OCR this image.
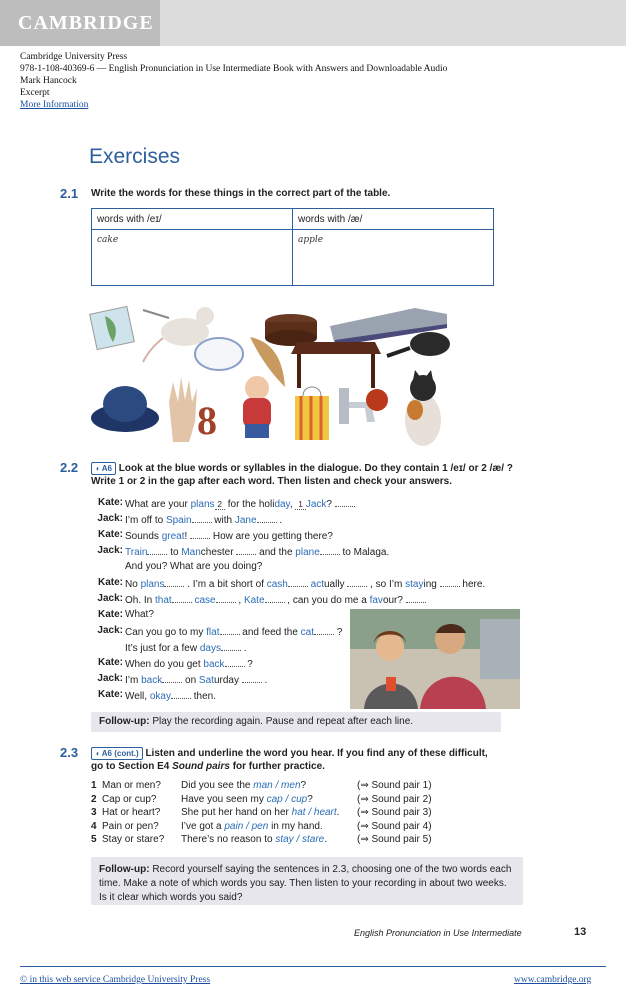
CAMBRIDGE
Cambridge University Press
978-1-108-40369-6 — English Pronunciation in Use Intermediate Book with Answers and Downloadable Audio
Mark Hancock
Excerpt
More Information
Exercises
2.1 Write the words for these things in the correct part of the table.
words with /eɪ/	words with /æ/
cake	apple
8
2.2	◖ A6 Look at the blue words or syllables in the dialogue. Do they contain 1 /eɪ/ or 2 /æ/ ?
Write 1 or 2 in the gap after each word. Then listen and check your answers.
Kate: What are your plans 2 for the holiday, 1 Jack?
Jack: I’m off to Spain with Jane .
Kate: Sounds great!  How are you getting there?
Jack: Train to Manchester  and the plane to Malaga.
And you? What are you doing?
Kate: No plans . I’m a bit short of cash actually  , so I’m staying  here.
Jack: Oh. In that case , Kate , can you do me a favour?
Kate: What?
Jack: Can you go to my flat and feed the cat ?
It’s just for a few days .
Kate: When do you get back ?
Jack: I’m back on Saturday  .
Kate: Well, okay then.
Follow-up: Play the recording again. Pause and repeat after each line.
2.3	◖ A6 (cont.) Listen and underline the word you hear. If you find any of these difficult,
go to Section E4 Sound pairs for further practice.
1 Man or men? Did you see the man / men?	(⇒ Sound pair 1)
2 Cap or cup? Have you seen my cap / cup?	(⇒ Sound pair 2)
3 Hat or heart? She put her hand on her hat / heart. (⇒ Sound pair 3)
4 Pain or pen? I’ve got a pain / pen in my hand.	(⇒ Sound pair 4)
5 Stay or stare? There’s no reason to stay / stare.	(⇒ Sound pair 5)
Follow-up: Record yourself saying the sentences in 2.3, choosing one of the two words each
time. Make a note of which words you say. Then listen to your recording in about two weeks.
Is it clear which words you said?
English Pronunciation in Use Intermediate	13
© in this web service Cambridge University Press	www.cambridge.org
